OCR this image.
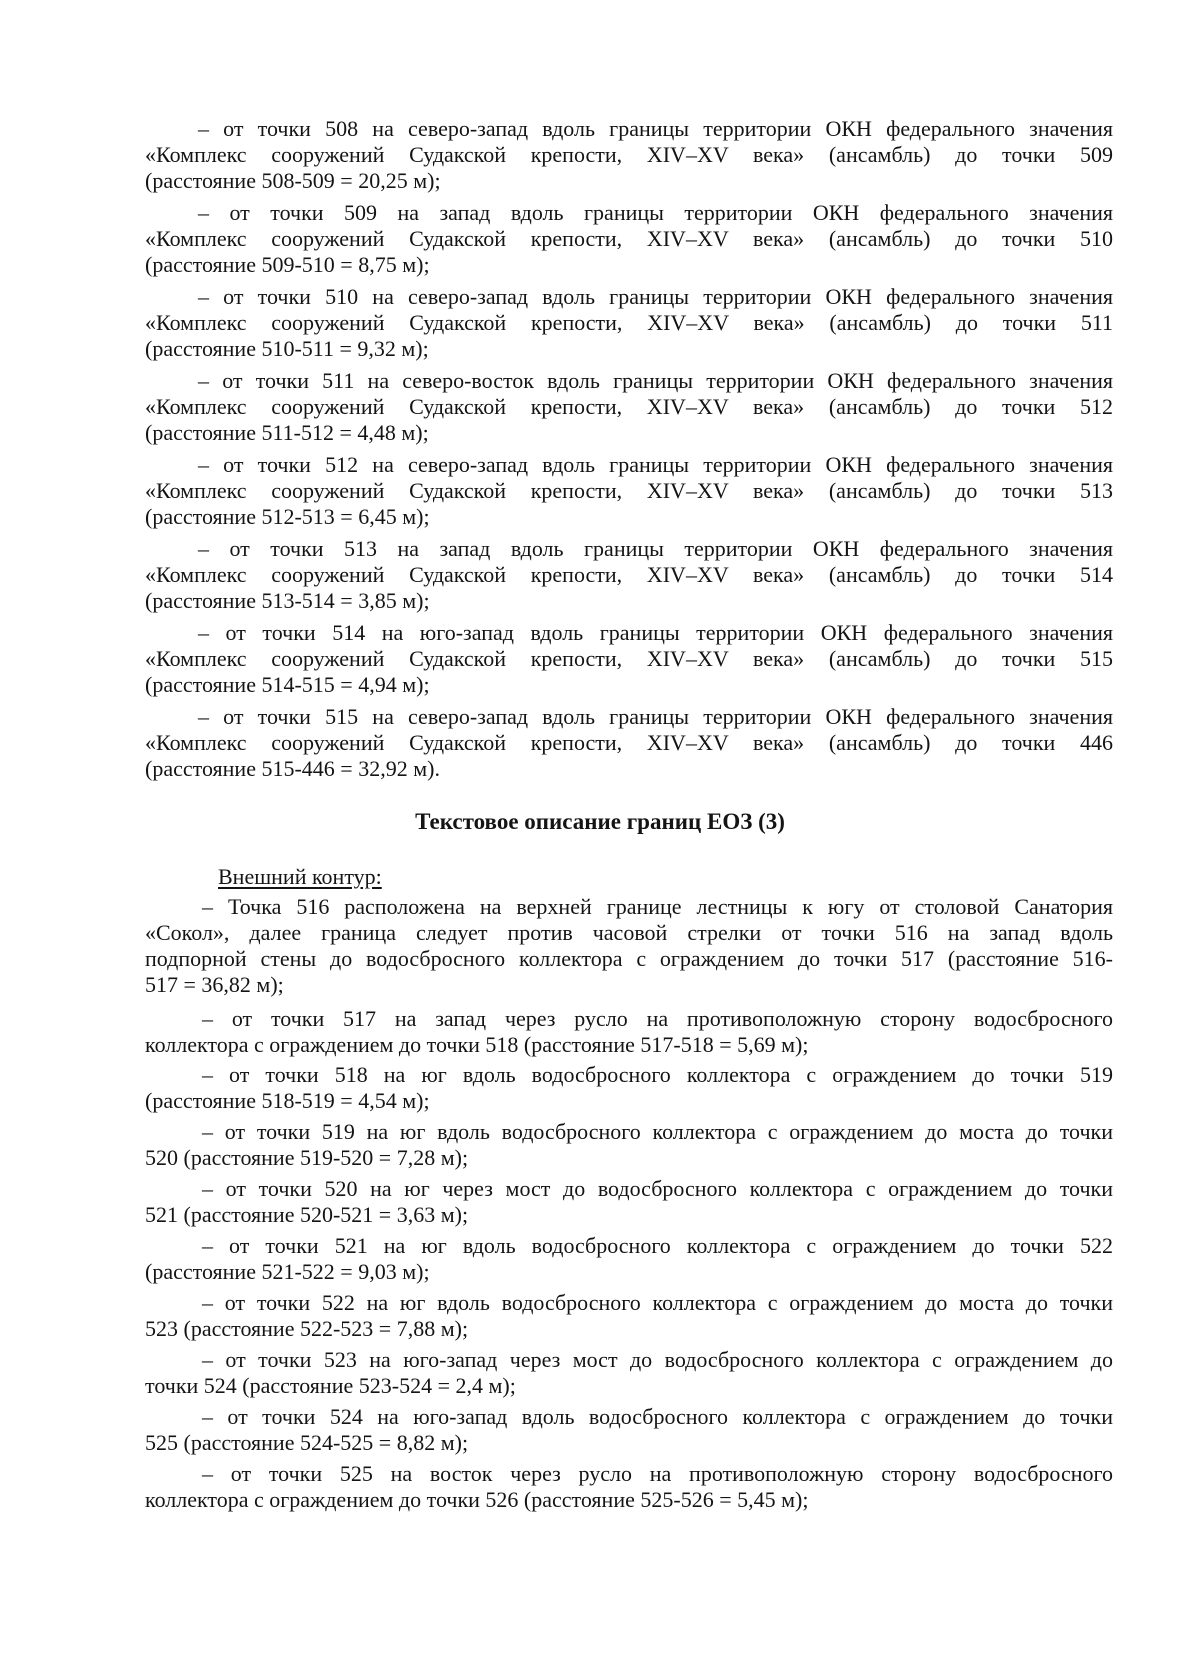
– от точки 508 на северо-запад вдоль границы территории ОКН федерального значения
«Комплекс сооружений Судакской крепости, XIV–XV века» (ансамбль) до точки 509
(расстояние 508-509 = 20,25 м);
– от точки 509 на запад вдоль границы территории ОКН федерального значения
«Комплекс сооружений Судакской крепости, XIV–XV века» (ансамбль) до точки 510
(расстояние 509-510 = 8,75 м);
– от точки 510 на северо-запад вдоль границы территории ОКН федерального значения
«Комплекс сооружений Судакской крепости, XIV–XV века» (ансамбль) до точки 511
(расстояние 510-511 = 9,32 м);
– от точки 511 на северо-восток вдоль границы территории ОКН федерального значения
«Комплекс сооружений Судакской крепости, XIV–XV века» (ансамбль) до точки 512
(расстояние 511-512 = 4,48 м);
– от точки 512 на северо-запад вдоль границы территории ОКН федерального значения
«Комплекс сооружений Судакской крепости, XIV–XV века» (ансамбль) до точки 513
(расстояние 512-513 = 6,45 м);
– от точки 513 на запад вдоль границы территории ОКН федерального значения
«Комплекс сооружений Судакской крепости, XIV–XV века» (ансамбль) до точки 514
(расстояние 513-514 = 3,85 м);
– от точки 514 на юго-запад вдоль границы территории ОКН федерального значения
«Комплекс сооружений Судакской крепости, XIV–XV века» (ансамбль) до точки 515
(расстояние 514-515 = 4,94 м);
– от точки 515 на северо-запад вдоль границы территории ОКН федерального значения
«Комплекс сооружений Судакской крепости, XIV–XV века» (ансамбль) до точки 446
(расстояние 515-446 = 32,92 м).
Текстовое описание границ ЕОЗ (3)
Внешний контур:
– Точка 516 расположена на верхней границе лестницы к югу от столовой Санатория
«Сокол», далее граница следует против часовой стрелки от точки 516 на запад вдоль
подпорной стены до водосбросного коллектора с ограждением до точки 517 (расстояние 516-
517 = 36,82 м);
– от точки 517 на запад через русло на противоположную сторону водосбросного
коллектора с ограждением до точки 518 (расстояние 517-518 = 5,69 м);
– от точки 518 на юг вдоль водосбросного коллектора с ограждением до точки 519
(расстояние 518-519 = 4,54 м);
– от точки 519 на юг вдоль водосбросного коллектора с ограждением до моста до точки
520 (расстояние 519-520 = 7,28 м);
– от точки 520 на юг через мост до водосбросного коллектора с ограждением до точки
521 (расстояние 520-521 = 3,63 м);
– от точки 521 на юг вдоль водосбросного коллектора с ограждением до точки 522
(расстояние 521-522 = 9,03 м);
– от точки 522 на юг вдоль водосбросного коллектора с ограждением до моста до точки
523 (расстояние 522-523 = 7,88 м);
– от точки 523 на юго-запад через мост до водосбросного коллектора с ограждением до
точки 524 (расстояние 523-524 = 2,4 м);
– от точки 524 на юго-запад вдоль водосбросного коллектора с ограждением до точки
525 (расстояние 524-525 = 8,82 м);
– от точки 525 на восток через русло на противоположную сторону водосбросного
коллектора с ограждением до точки 526 (расстояние 525-526 = 5,45 м);
